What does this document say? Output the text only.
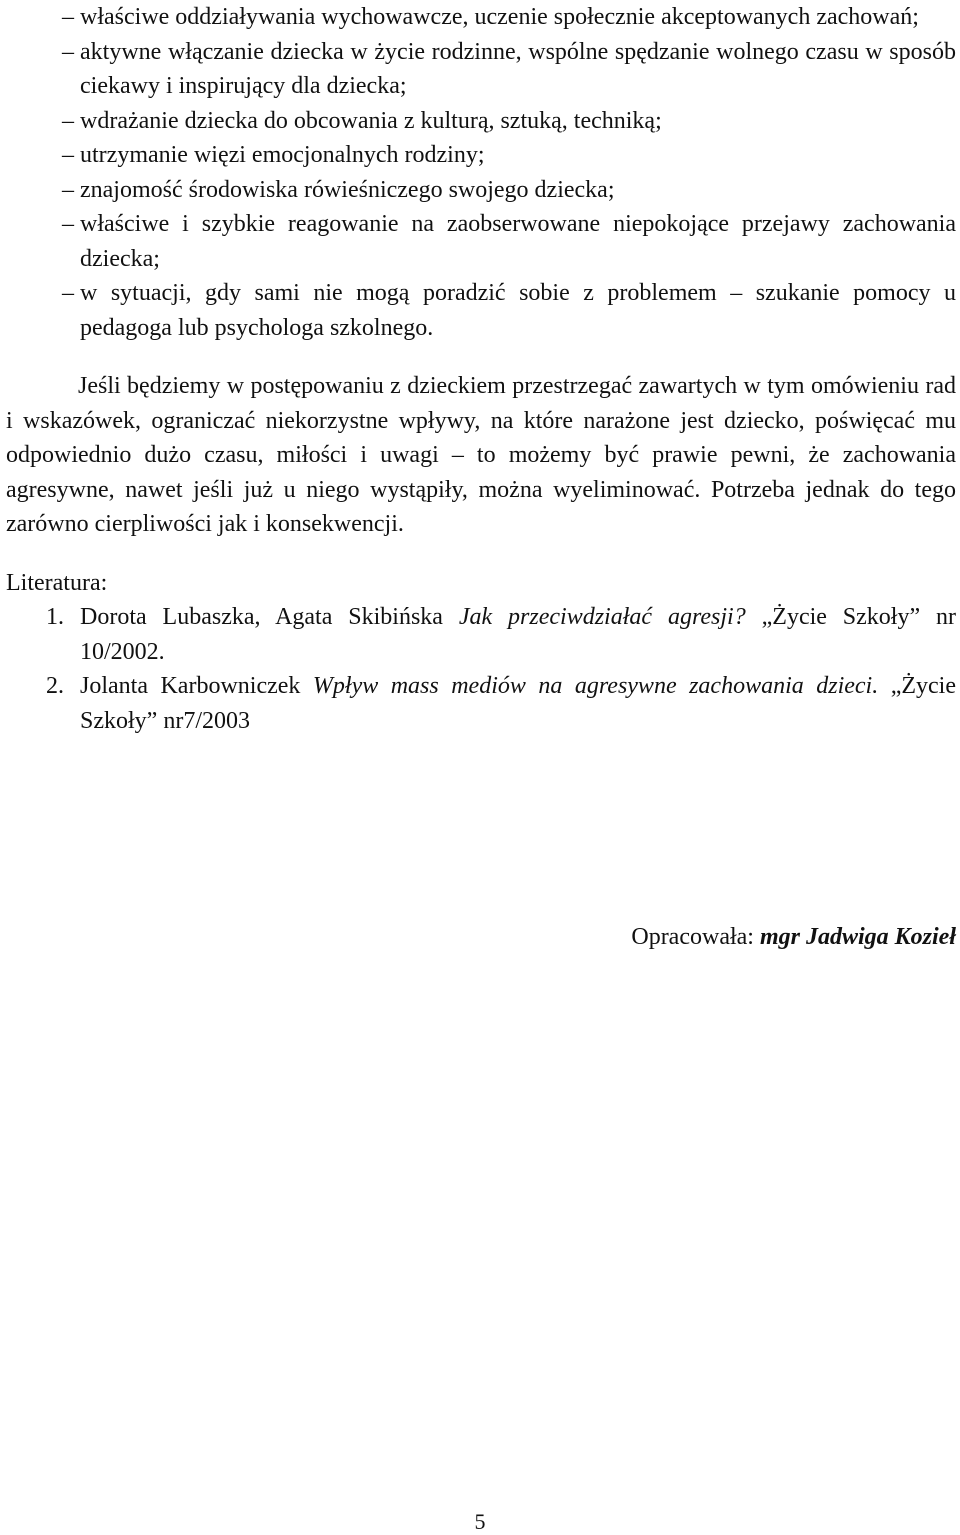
– właściwe oddziaływania wychowawcze, uczenie społecznie akceptowanych zachowań;
– aktywne włączanie dziecka w życie rodzinne, wspólne spędzanie wolnego czasu w sposób ciekawy i inspirujący dla dziecka;
– wdrażanie dziecka do obcowania z kulturą, sztuką, techniką;
– utrzymanie więzi emocjonalnych rodziny;
– znajomość środowiska rówieśniczego swojego dziecka;
– właściwe i szybkie reagowanie na zaobserwowane niepokojące przejawy zachowania dziecka;
– w sytuacji, gdy sami nie mogą poradzić sobie z problemem – szukanie pomocy u pedagoga lub psychologa szkolnego.

Jeśli będziemy w postępowaniu z dzieckiem przestrzegać zawartych w tym omówieniu rad i wskazówek, ograniczać niekorzystne wpływy, na które narażone jest dziecko, poświęcać mu odpowiednio dużo czasu, miłości i uwagi – to możemy być prawie pewni, że zachowania agresywne, nawet jeśli już u niego wystąpiły, można wyeliminować. Potrzeba jednak do tego zarówno cierpliwości jak i konsekwencji.

Literatura:
1. Dorota Lubaszka, Agata Skibińska Jak przeciwdziałać agresji? „Życie Szkoły” nr 10/2002.
2. Jolanta Karbowniczek Wpływ mass mediów na agresywne zachowania dzieci. „Życie Szkoły” nr7/2003
Opracowała: mgr Jadwiga Kozieł
5
